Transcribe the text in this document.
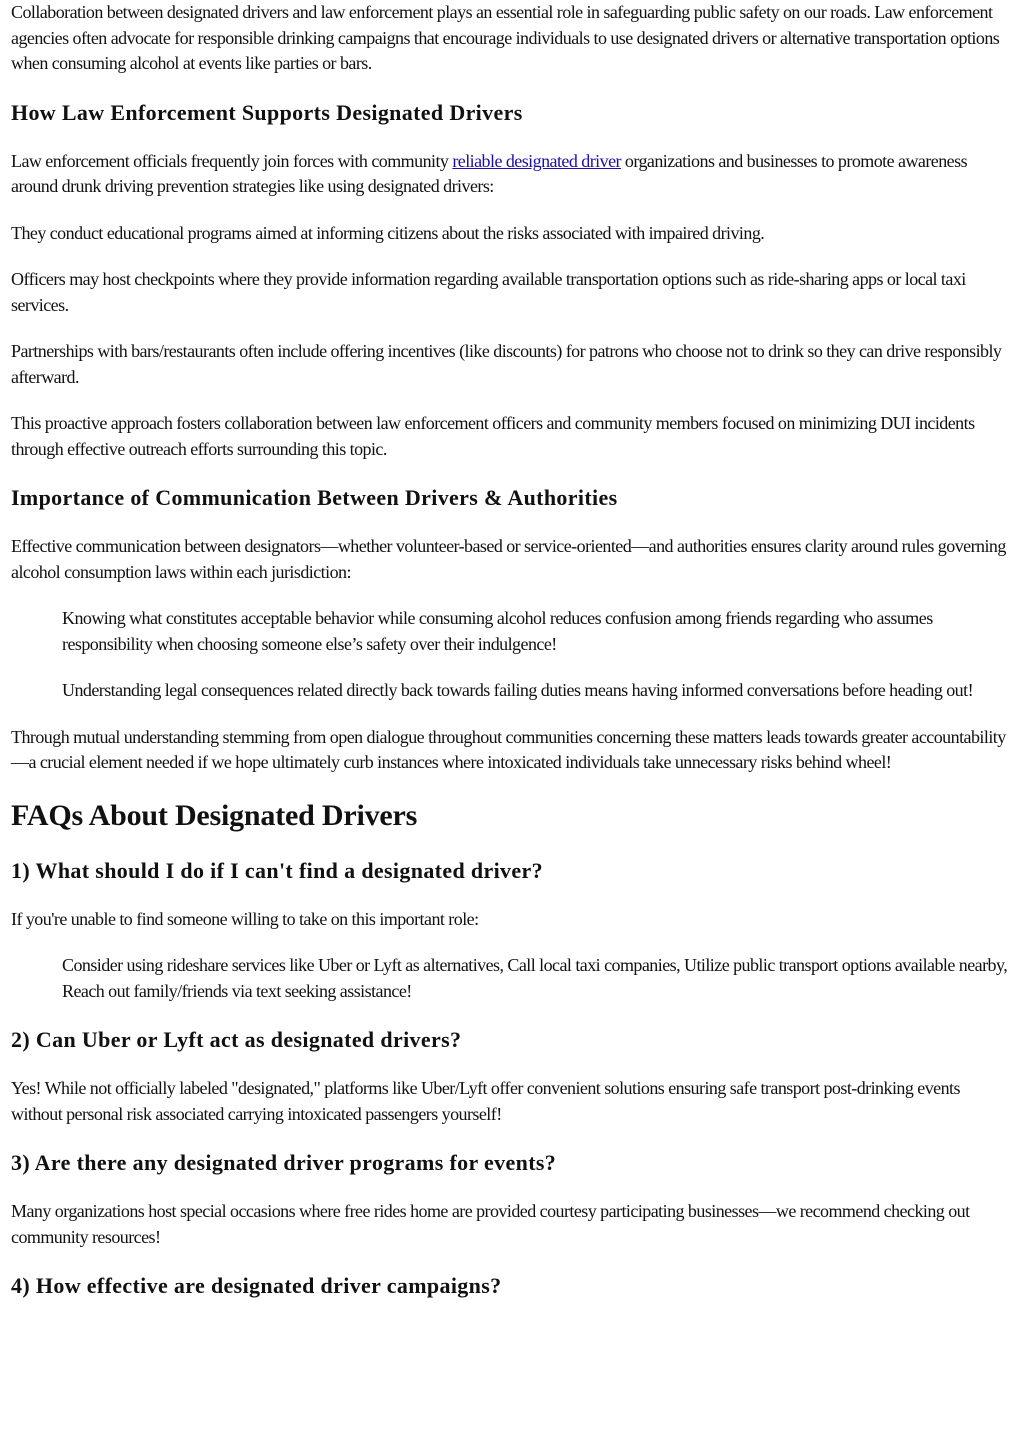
Collaboration between designated drivers and law enforcement plays an essential role in safeguarding public safety on our roads. Law enforcement agencies often advocate for responsible drinking campaigns that encourage individuals to use designated drivers or alternative transportation options when consuming alcohol at events like parties or bars.

How Law Enforcement Supports Designated Drivers

Law enforcement officials frequently join forces with community reliable designated driver organizations and businesses to promote awareness around drunk driving prevention strategies like using designated drivers:

They conduct educational programs aimed at informing citizens about the risks associated with impaired driving.

Officers may host checkpoints where they provide information regarding available transportation options such as ride-sharing apps or local taxi services.

Partnerships with bars/restaurants often include offering incentives (like discounts) for patrons who choose not to drink so they can drive responsibly afterward.

This proactive approach fosters collaboration between law enforcement officers and community members focused on minimizing DUI incidents through effective outreach efforts surrounding this topic.

Importance of Communication Between Drivers & Authorities

Effective communication between designators—whether volunteer-based or service-oriented—and authorities ensures clarity around rules governing alcohol consumption laws within each jurisdiction:

Knowing what constitutes acceptable behavior while consuming alcohol reduces confusion among friends regarding who assumes responsibility when choosing someone else’s safety over their indulgence!

Understanding legal consequences related directly back towards failing duties means having informed conversations before heading out!

Through mutual understanding stemming from open dialogue throughout communities concerning these matters leads towards greater accountability—a crucial element needed if we hope ultimately curb instances where intoxicated individuals take unnecessary risks behind wheel!

FAQs About Designated Drivers
1) What should I do if I can't find a designated driver?

If you're unable to find someone willing to take on this important role:

Consider using rideshare services like Uber or Lyft as alternatives, Call local taxi companies, Utilize public transport options available nearby, Reach out family/friends via text seeking assistance!

2) Can Uber or Lyft act as designated drivers?

Yes! While not officially labeled "designated," platforms like Uber/Lyft offer convenient solutions ensuring safe transport post-drinking events without personal risk associated carrying intoxicated passengers yourself!

3) Are there any designated driver programs for events?

Many organizations host special occasions where free rides home are provided courtesy participating businesses—we recommend checking out community resources!

4) How effective are designated driver campaigns?
